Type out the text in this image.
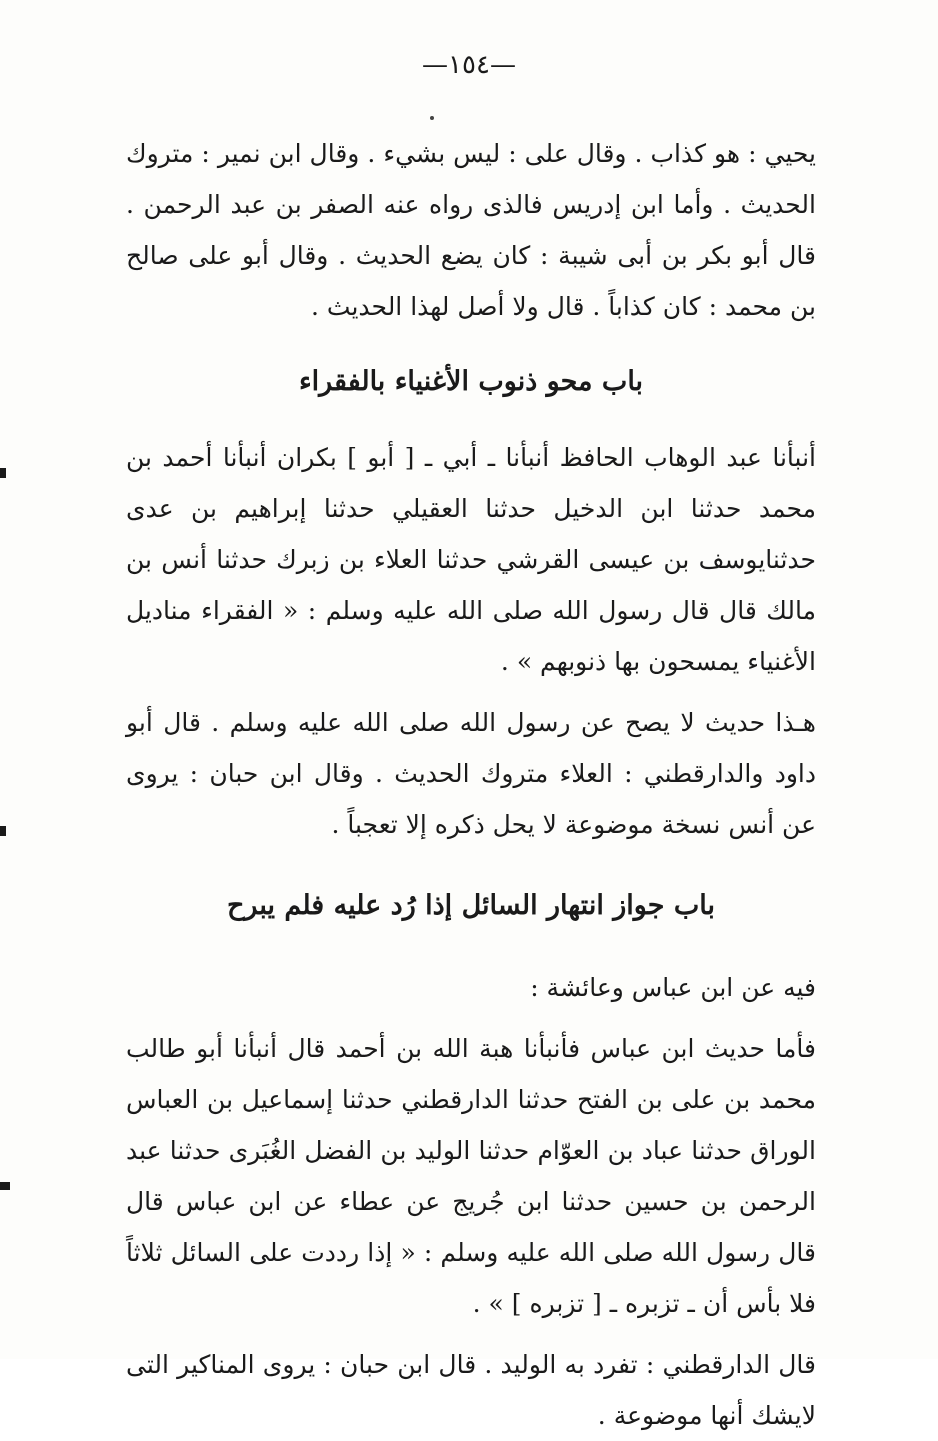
—١٥٤—

يحيي : هو كذاب . وقال على : ليس بشيء . وقال ابن نمير : متروك الحديث . وأما ابن إدريس فالذى رواه عنه الصفر بن عبد الرحمن . قال أبو بكر بن أبى شيبة : كان يضع الحديث . وقال أبو على صالح بن محمد : كان كذاباً . قال ولا أصل لهذا الحديث .

باب محو ذنوب الأغنياء بالفقراء

أنبأنا عبد الوهاب الحافظ أنبأنا ـ أبي ـ [ أبو ] بكران أنبأنا أحمد بن محمد حدثنا ابن الدخيل حدثنا العقيلي حدثنا إبراهيم بن عدى حدثنايوسف بن عيسى القرشي حدثنا العلاء بن زبرك حدثنا أنس بن مالك قال قال رسول الله صلى الله عليه وسلم : « الفقراء مناديل الأغنياء يمسحون بها ذنوبهم » .

هـذا حديث لا يصح عن رسول الله صلى الله عليه وسلم . قال أبو داود والدارقطني : العلاء متروك الحديث . وقال ابن حبان : يروى عن أنس نسخة موضوعة لا يحل ذكره إلا تعجباً .

باب جواز انتهار السائل إذا رُد عليه فلم يبرح

فيه عن ابن عباس وعائشة :

فأما حديث ابن عباس فأنبأنا هبة الله بن أحمد قال أنبأنا أبو طالب محمد بن على بن الفتح حدثنا الدارقطني حدثنا إسماعيل بن العباس الوراق حدثنا عباد بن العوّام حدثنا الوليد بن الفضل الغُبَرى حدثنا عبد الرحمن بن حسين حدثنا ابن جُريج عن عطاء عن ابن عباس قال قال رسول الله صلى الله عليه وسلم : « إذا رددت على السائل ثلاثاً فلا بأس أن ـ تزبره ـ [ تزبره ] » .

قال الدارقطني : تفرد به الوليد . قال ابن حبان : يروى المناكير التى لايشك أنها موضوعة .
